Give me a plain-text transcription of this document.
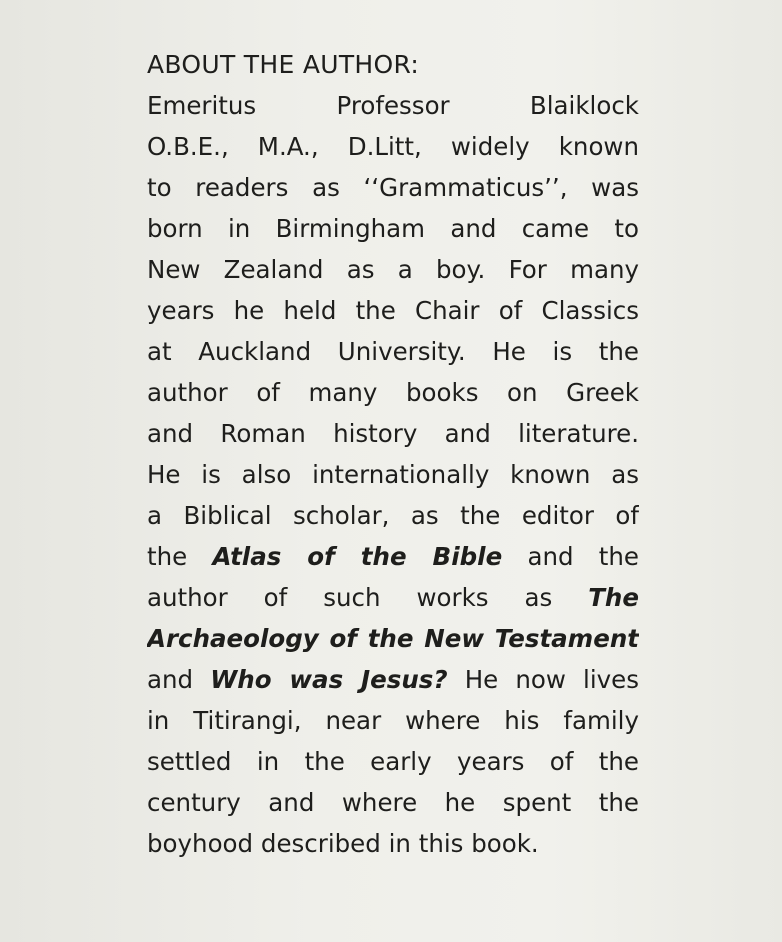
ABOUT THE AUTHOR:
Emeritus Professor Blaiklock
O.B.E., M.A., D.Litt, widely known
to readers as ‘‘Grammaticus’’, was
born in Birmingham and came to
New Zealand as a boy. For many
years he held the Chair of Classics
at Auckland University. He is the
author of many books on Greek
and Roman history and literature.
He is also internationally known as
a Biblical scholar, as the editor of
the Atlas of the Bible and the
author of such works as The
Archaeology of the New Testament
and Who was Jesus? He now lives
in Titirangi, near where his family
settled in the early years of the
century and where he spent the
boyhood described in this book.
